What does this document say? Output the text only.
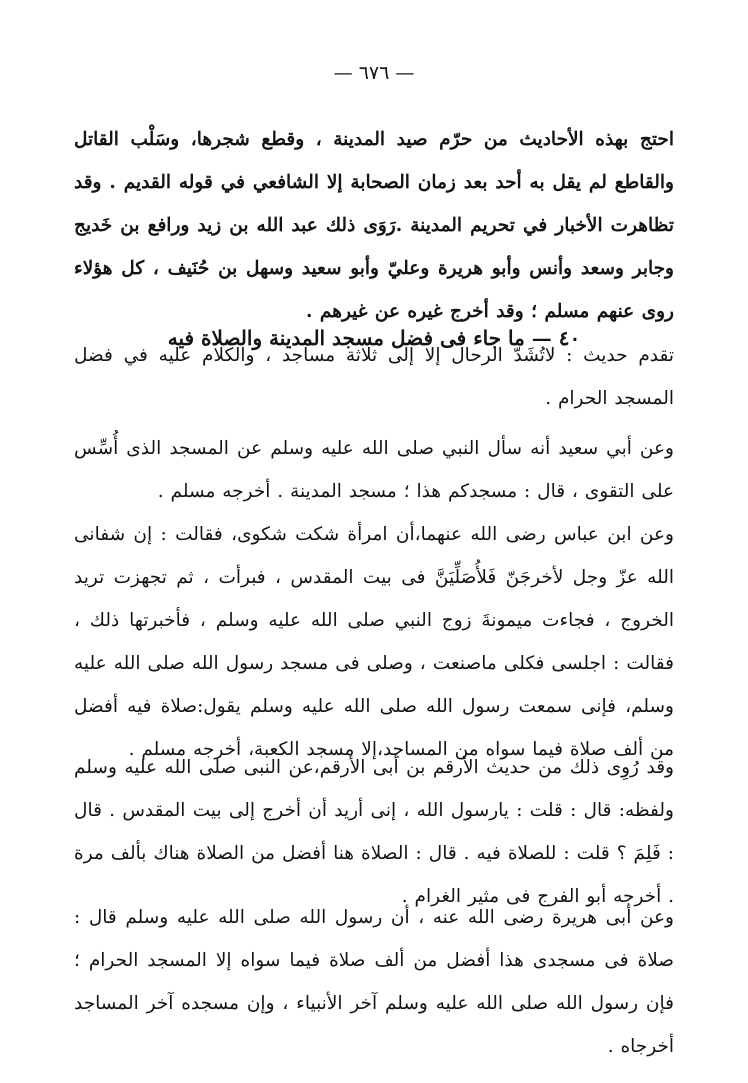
— ٦٧٦ —
احتج بهذه الأحاديث من حرّم صيد المدينة ، وقطع شجرها، وسَلْب القاتل والقاطع لم يقل به أحد بعد زمان الصحابة إلا الشافعي في قوله القديم . وقد تظاهرت الأخبار في تحريم المدينة .رَوَى ذلك عبد الله بن زيد ورافع بن خَديج وجابر وسعد وأنس وأبو هريرة وعليّ وأبو سعيد وسهل بن حُنَيف ، كل هؤلاء روى عنهم مسلم ؛ وقد أخرج غيره عن غيرهم .
٤٠ — ما جاء فى فضل مسجد المدينة والصلاة فيه
تقدم حديث : لاتُشَدّ الرحال إلا إلى ثلاثة مساجد ، والكلام عليه في فضل المسجد الحرام .
وعن أبي سعيد أنه سأل النبي صلى الله عليه وسلم عن المسجد الذى أُسِّس على التقوى ، قال : مسجدكم هذا ؛ مسجد المدينة . أخرجه مسلم .
وعن ابن عباس رضى الله عنهما،أن امرأة شكت شكوى، فقالت : إن شفانى الله عزّ وجل لأخرجَنّ فَلأُصَلِّيَنَّ فى بيت المقدس ، فبرأت ، ثم تجهزت تريد الخروج ، فجاءت ميمونةَ زوج النبي صلى الله عليه وسلم ، فأخبرتها ذلك ، فقالت : اجلسى فكلى ماصنعت ، وصلى فى مسجد رسول الله صلى الله عليه وسلم، فإنى سمعت رسول الله صلى الله عليه وسلم يقول:صلاة فيه أفضل من ألف صلاة فيما سواه من المساجد،إلا مسجد الكعبة، أخرجه مسلم .
وقد رُوِى ذلك من حديث الأرقم بن أبى الأرقم،عن النبى صلى الله عليه وسلم ولفظه: قال : قلت : يارسول الله ، إنى أريد أن أخرج إلى بيت المقدس . قال : فَلِمَ ؟ قلت : للصلاة فيه . قال : الصلاة هنا أفضل من الصلاة هناك بألف مرة . أخرجه أبو الفرج فى مثير الغرام .
وعن أبى هريرة رضى الله عنه ، أن رسول الله صلى الله عليه وسلم قال : صلاة فى مسجدى هذا أفضل من ألف صلاة فيما سواه إلا المسجد الحرام ؛ فإن رسول الله صلى الله عليه وسلم آخر الأنبياء ، وإن مسجده آخر المساجد أخرجاه .
